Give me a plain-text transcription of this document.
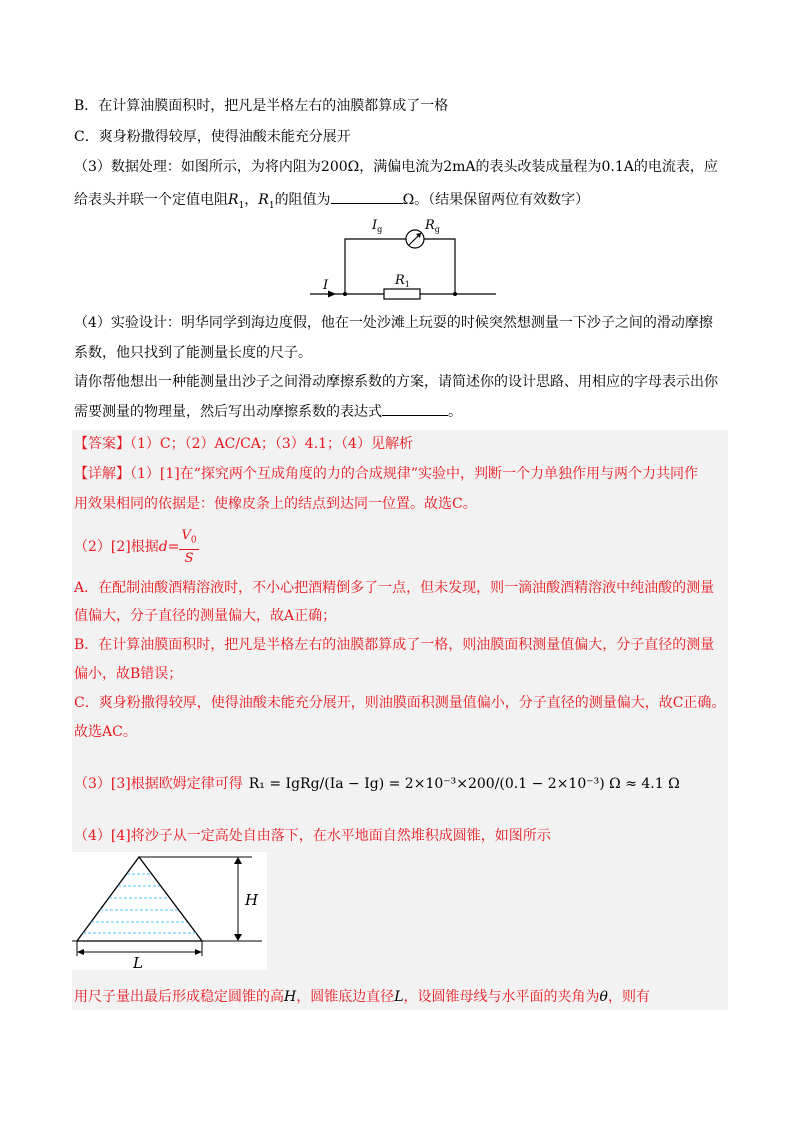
B．在计算油膜面积时，把凡是半格左右的油膜都算成了一格
C．爽身粉撒得较厚，使得油酸未能充分展开
（3）数据处理：如图所示，为将内阻为200Ω，满偏电流为2mA的表头改装成量程为0.1A的电流表，应
给表头并联一个定值电阻$R_1$，$R_1$的阻值为	Ω。（结果保留两位有效数字）
I
$I_g$	$R_g$
$R_1$
（4）实验设计：明华同学到海边度假，他在一处沙滩上玩耍的时候突然想测量一下沙子之间的滑动摩擦
系数，他只找到了能测量长度的尺子。
请你帮他想出一种能测量出沙子之间滑动摩擦系数的方案，请简述你的设计思路、用相应的字母表示出你
需要测量的物理量，然后写出动摩擦系数的表达式	。
【答案】（1）C；（2）AC/CA；（3）4.1；（4）见解析
【详解】（1）[1]在“探究两个互成角度的力的合成规律”实验中，判断一个力单独作用与两个力共同作
用效果相同的依据是：使橡皮条上的结点到达同一位置。故选C。
（2）[2]根据 $d = \frac{V_0}{S}$
A．在配制油酸酒精溶液时，不小心把酒精倒多了一点，但未发现，则一滴油酸酒精溶液中纯油酸的测量
值偏大，分子直径的测量偏大，故A正确；
B．在计算油膜面积时，把凡是半格左右的油膜都算成了一格，则油膜面积测量值偏大，分子直径的测量
偏小，故B错误；
C．爽身粉撒得较厚，使得油酸未能充分展开，则油膜面积测量值偏小，分子直径的测量偏大，故C正确。
故选AC。
（3）[3]根据欧姆定律可得 R₁ = IgRg/(Ia − Ig) = 2×10⁻³×200/(0.1 − 2×10⁻³) Ω ≈ 4.1 Ω
（4）[4]将沙子从一定高处自由落下，在水平地面自然堆积成圆锥，如图所示
H
L
用尺子量出最后形成稳定圆锥的高H，圆锥底边直径L，设圆锥母线与水平面的夹角为θ，则有
